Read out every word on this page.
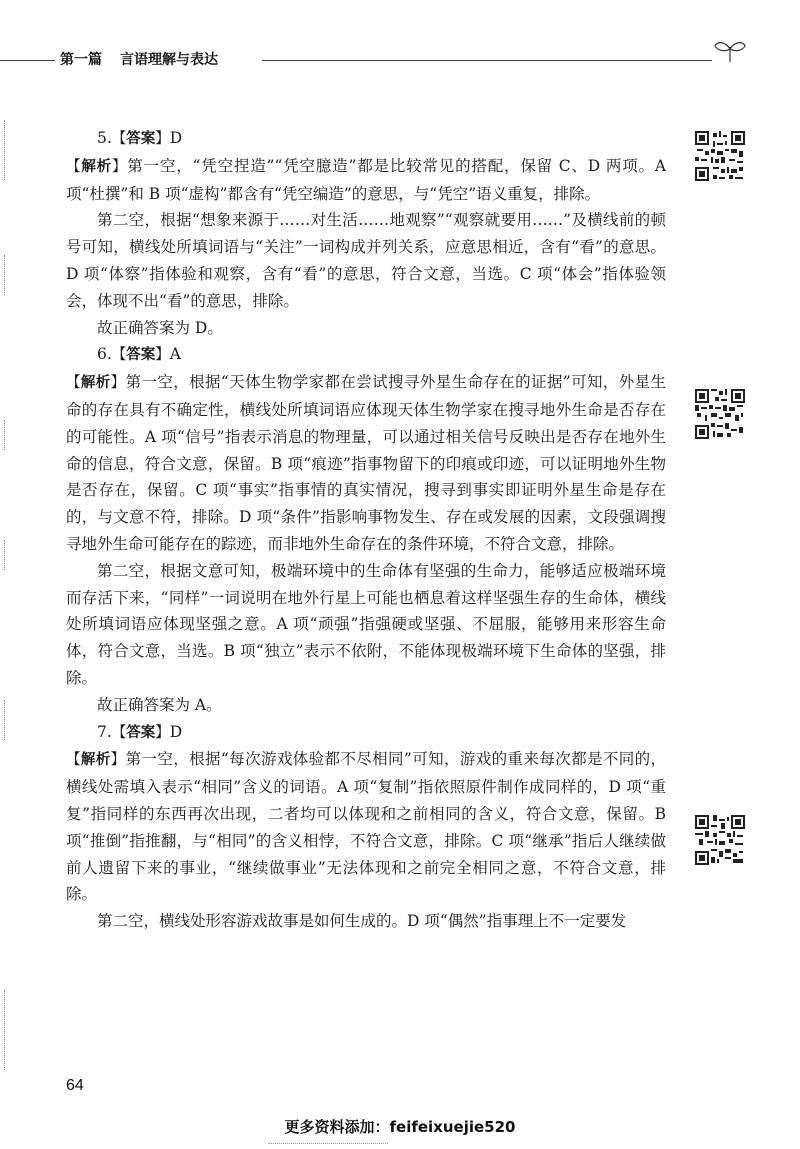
第一篇 言语理解与表达

5.【答案】D

【解析】第一空，“凭空捏造”“凭空臆造”都是比较常见的搭配，保留 C、D 两项。A 项“杜撰”和 B 项“虚构”都含有“凭空编造”的意思，与“凭空”语义重复，排除。

第二空，根据“想象来源于……对生活……地观察”“观察就要用……”及横线前的顿号可知，横线处所填词语与“关注”一词构成并列关系，应意思相近，含有“看”的意思。D 项“体察”指体验和观察，含有“看”的意思，符合文意，当选。C 项“体会”指体验领会，体现不出“看”的意思，排除。

故正确答案为 D。

6.【答案】A

【解析】第一空，根据“天体生物学家都在尝试搜寻外星生命存在的证据”可知，外星生命的存在具有不确定性，横线处所填词语应体现天体生物学家在搜寻地外生命是否存在的可能性。A 项“信号”指表示消息的物理量，可以通过相关信号反映出是否存在地外生命的信息，符合文意，保留。B 项“痕迹”指事物留下的印痕或印迹，可以证明地外生物是否存在，保留。C 项“事实”指事情的真实情况，搜寻到事实即证明外星生命是存在的，与文意不符，排除。D 项“条件”指影响事物发生、存在或发展的因素，文段强调搜寻地外生命可能存在的踪迹，而非地外生命存在的条件环境，不符合文意，排除。

第二空，根据文意可知，极端环境中的生命体有坚强的生命力，能够适应极端环境而存活下来，“同样”一词说明在地外行星上可能也栖息着这样坚强生存的生命体，横线处所填词语应体现坚强之意。A 项“顽强”指强硬或坚强、不屈服，能够用来形容生命体，符合文意，当选。B 项“独立”表示不依附，不能体现极端环境下生命体的坚强，排除。

故正确答案为 A。

7.【答案】D

【解析】第一空，根据“每次游戏体验都不尽相同”可知，游戏的重来每次都是不同的，横线处需填入表示“相同”含义的词语。A 项“复制”指依照原件制作成同样的，D 项“重复”指同样的东西再次出现，二者均可以体现和之前相同的含义，符合文意，保留。B 项“推倒”指推翻，与“相同”的含义相悖，不符合文意，排除。C 项“继承”指后人继续做前人遗留下来的事业，“继续做事业”无法体现和之前完全相同之意，不符合文意，排除。

第二空，横线处形容游戏故事是如何生成的。D 项“偶然”指事理上不一定要发

64
更多资料添加：feifeixuejie520
